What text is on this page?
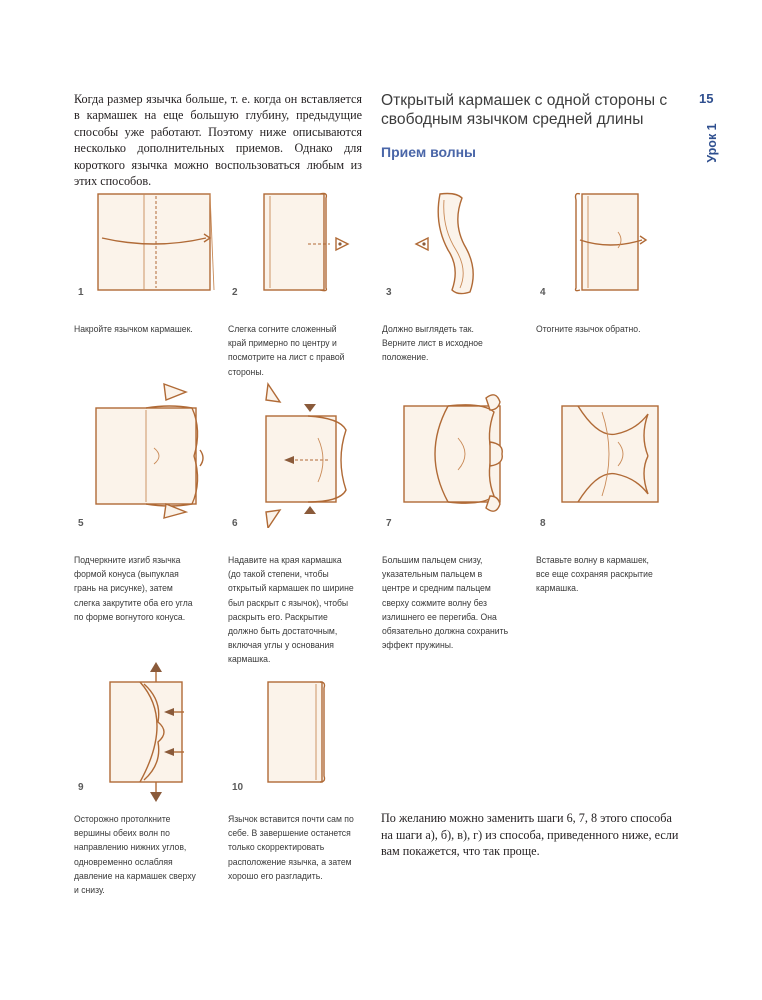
Когда размер язычка больше, т. е. когда он вставляется в кармашек на еще большую глубину, предыдущие способы уже работают. Поэтому ниже описываются несколько дополнительных приемов. Однако для короткого язычка можно воспользоваться любым из этих способов.
Открытый кармашек с одной стороны с свободным язычком средней длины
Прием волны
15
Урок 1
1	2	3	4
Накройте язычком кармашек.	Слегка согните сложенный край примерно по центру и посмотрите на лист с правой стороны.
Должно выглядеть так. Верните лист в исходное положение.
Отогните язычок обратно.
5	6	7	8
Подчеркните изгиб язычка формой конуса (выпуклая грань на рисунке), затем слегка закрутите оба его угла по форме вогнутого конуса.
Надавите на края кармашка (до такой степени, чтобы открытый кармашек по ширине был раскрыт с язычок), чтобы раскрыть его. Раскрытие должно быть достаточным, включая углы у основания кармашка.
Большим пальцем снизу, указательным пальцем в центре и средним пальцем сверху сожмите волну без излишнего ее перегиба. Она обязательно должна сохранить эффект пружины.
Вставьте волну в кармашек, все еще сохраняя раскрытие кармашка.
9	10
Осторожно протолкните вершины обеих волн по направлению нижних углов, одновременно ослабляя давление на кармашек сверху и снизу.
Язычок вставится почти сам по себе. В завершение останется только скорректировать расположение язычка, а затем хорошо его разгладить.
По желанию можно заменить шаги 6, 7, 8 этого способа на шаги а), б), в), г) из способа, приведенного ниже, если вам покажется, что так проще.
